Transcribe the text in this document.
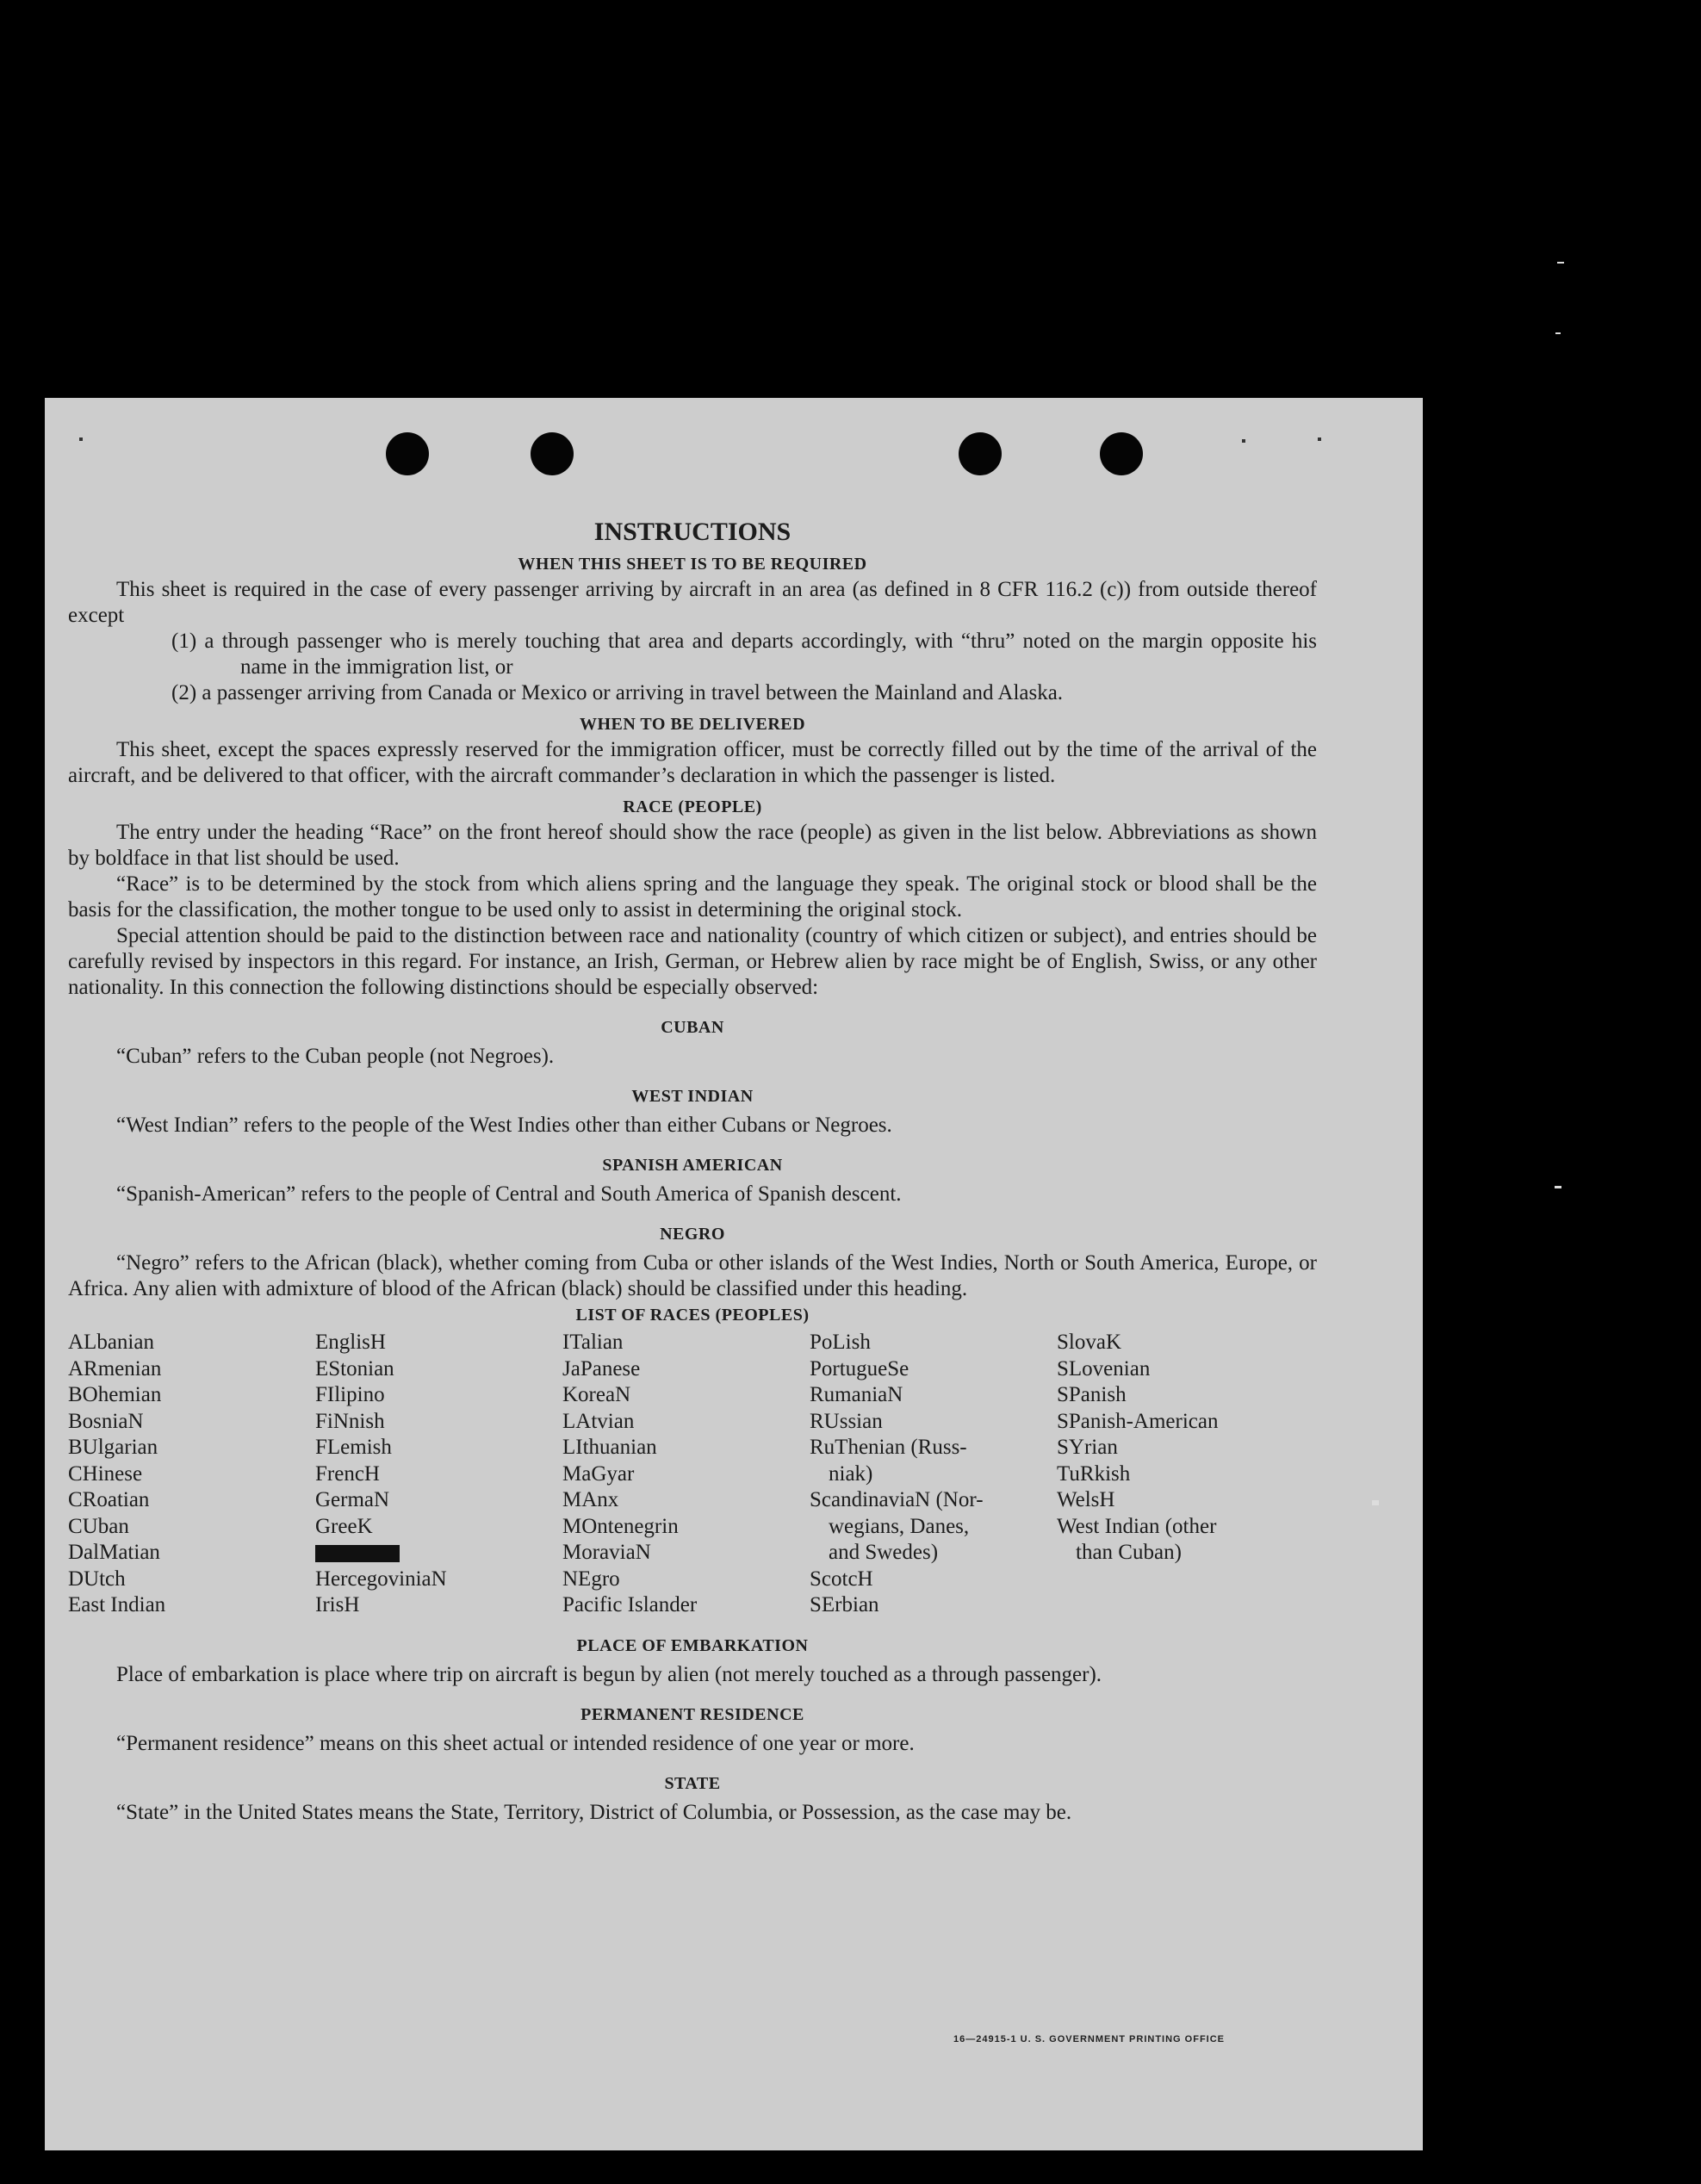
INSTRUCTIONS
WHEN THIS SHEET IS TO BE REQUIRED

This sheet is required in the case of every passenger arriving by aircraft in an area (as defined in 8 CFR 116.2 (c)) from outside thereof except

(1) a through passenger who is merely touching that area and departs accordingly, with “thru” noted on the margin opposite his name in the immigration list, or
(2) a passenger arriving from Canada or Mexico or arriving in travel between the Mainland and Alaska.
WHEN TO BE DELIVERED

This sheet, except the spaces expressly reserved for the immigration officer, must be correctly filled out by the time of the arrival of the aircraft, and be delivered to that officer, with the aircraft commander’s declaration in which the passenger is listed.

RACE (PEOPLE)

The entry under the heading “Race” on the front hereof should show the race (people) as given in the list below. Abbreviations as shown by boldface in that list should be used.

“Race” is to be determined by the stock from which aliens spring and the language they speak. The original stock or blood shall be the basis for the classification, the mother tongue to be used only to assist in determining the original stock.

Special attention should be paid to the distinction between race and nationality (country of which citizen or subject), and entries should be carefully revised by inspectors in this regard. For instance, an Irish, German, or Hebrew alien by race might be of English, Swiss, or any other nationality. In this connection the following distinctions should be especially observed:

CUBAN

“Cuban” refers to the Cuban people (not Negroes).

WEST INDIAN

“West Indian” refers to the people of the West Indies other than either Cubans or Negroes.

SPANISH AMERICAN

“Spanish-American” refers to the people of Central and South America of Spanish descent.

NEGRO

“Negro” refers to the African (black), whether coming from Cuba or other islands of the West Indies, North or South America, Europe, or Africa. Any alien with admixture of blood of the African (black) should be classified under this heading.

LIST OF RACES (PEOPLES)
ALbanian
ARmenian
BOhemian
BosniaN
BUlgarian
CHinese
CRoatian
CUban
DalMatian
DUtch
East Indian
EnglisH
EStonian
FIlipino
FiNnish
FLemish
FrencH
GermaN
GreeK
HercegoviniaN
IrisH
ITalian
JaPanese
KoreaN
LAtvian
LIthuanian
MaGyar
MAnx
MOntenegrin
MoraviaN
NEgro
Pacific Islander
PoLish
PortugueSe
RumaniaN
RUssian
RuThenian (Russ-
niak)
ScandinaviaN (Nor-
wegians, Danes,
and Swedes)
ScotcH
SErbian
SlovaK
SLovenian
SPanish
SPanish-American
SYrian
TuRkish
WelsH
West Indian (other
than Cuban)
PLACE OF EMBARKATION

Place of embarkation is place where trip on aircraft is begun by alien (not merely touched as a through passenger).

PERMANENT RESIDENCE

“Permanent residence” means on this sheet actual or intended residence of one year or more.

STATE

“State” in the United States means the State, Territory, District of Columbia, or Possession, as the case may be.

16—24915-1 U. S. GOVERNMENT PRINTING OFFICE
